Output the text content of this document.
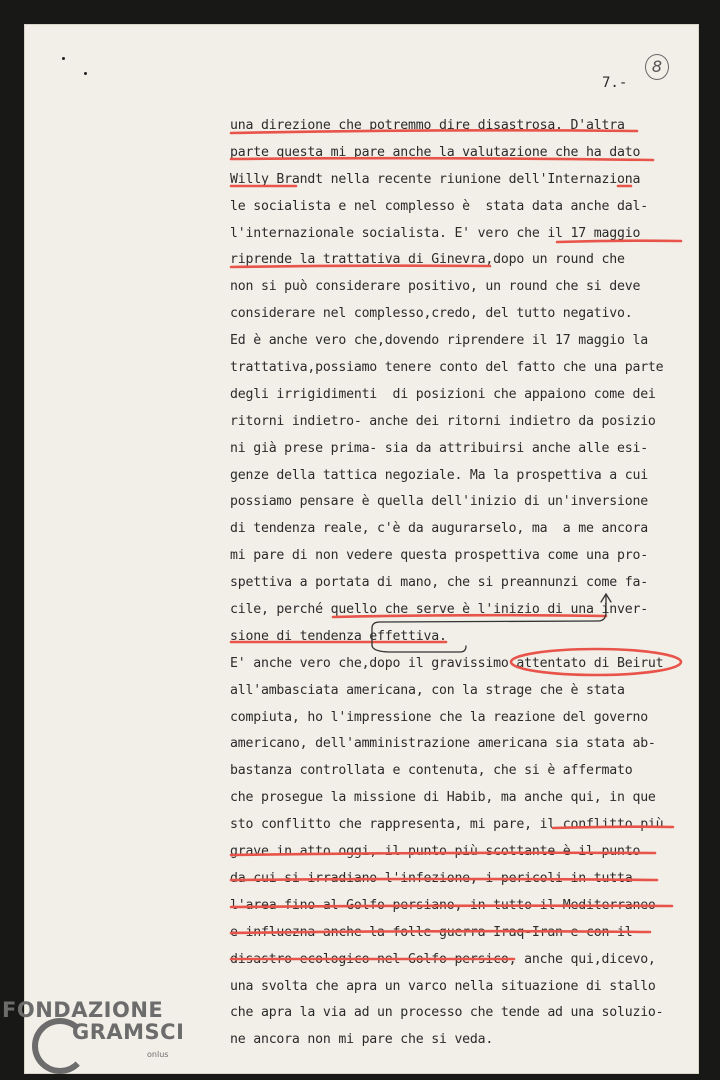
7.-

8
una direzione che potremmo dire disastrosa. D'altra
parte questa mi pare anche la valutazione che ha dato
Willy Brandt nella recente riunione dell'Internaziona
le socialista e nel complesso è  stata data anche dal-
l'internazionale socialista. E' vero che il 17 maggio
riprende la trattativa di Ginevra,dopo un round che
non si può considerare positivo, un round che si deve
considerare nel complesso,credo, del tutto negativo.
Ed è anche vero che,dovendo riprendere il 17 maggio la
trattativa,possiamo tenere conto del fatto che una parte
degli irrigidimenti  di posizioni che appaiono come dei
ritorni indietro- anche dei ritorni indietro da posizio
ni già prese prima- sia da attribuirsi anche alle esi-
genze della tattica negoziale. Ma la prospettiva a cui
possiamo pensare è quella dell'inizio di un'inversione
di tendenza reale, c'è da augurarselo, ma  a me ancora
mi pare di non vedere questa prospettiva come una pro-
spettiva a portata di mano, che si preannunzi come fa-
cile, perché quello che serve è l'inizio di una inver-
sione di tendenza effettiva.
E' anche vero che,dopo il gravissimo attentato di Beirut
all'ambasciata americana, con la strage che è stata
compiuta, ho l'impressione che la reazione del governo
americano, dell'amministrazione americana sia stata ab-
bastanza controllata e contenuta, che si è affermato
che prosegue la missione di Habib, ma anche qui, in que
sto conflitto che rappresenta, mi pare, il conflitto più
grave in atto oggi, il punto più scottante è il punto
da cui si irradiano l'infezione, i pericoli in tutta
l'area fino al Golfo persiano, in tutto il Mediterraneo
e influezna anche la folle guerra Iraq-Iran e con il
disastro ecologico nel Golfo persico, anche qui,dicevo,
una svolta che apra un varco nella situazione di stallo
che apra la via ad un processo che tende ad una soluzio-
ne ancora non mi pare che si veda.
FONDAZIONE
GRAMSCI
onlus
